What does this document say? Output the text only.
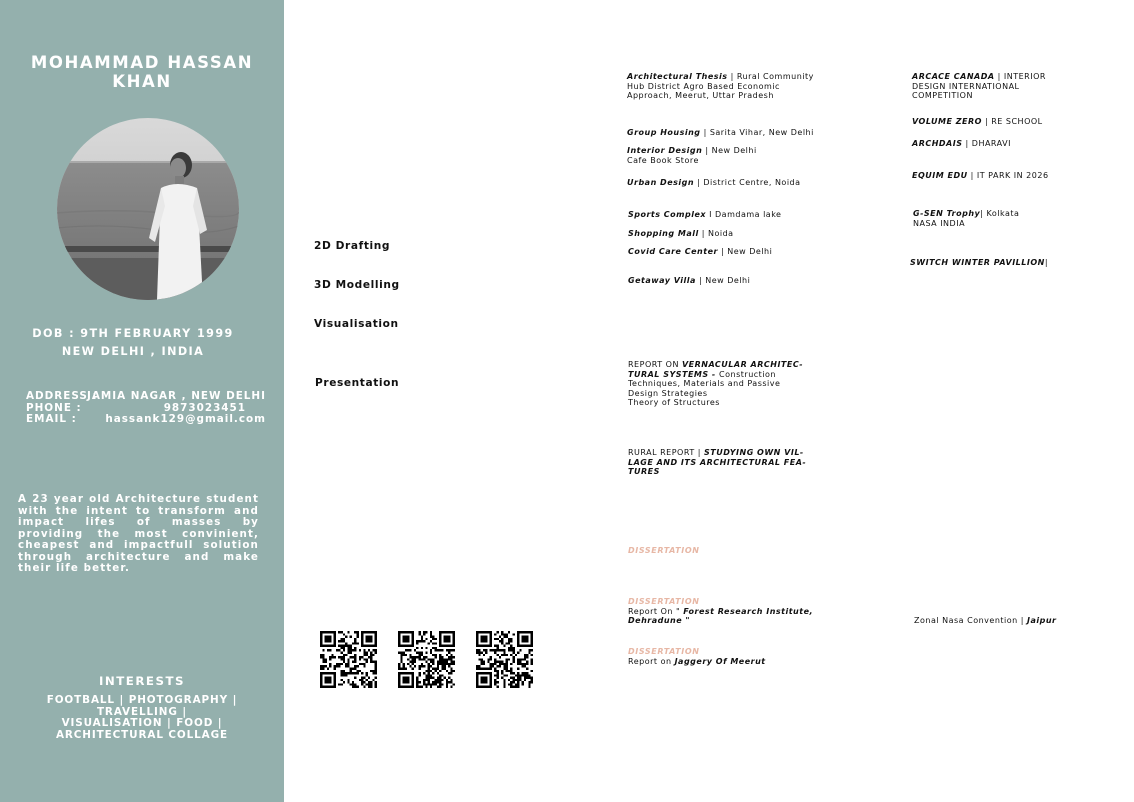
MOHAMMAD HASSAN KHAN
DOB : 9TH FEBRUARY 1999
NEW DELHI , INDIA
ADDRESS :
JAMIA NAGAR , NEW DELHI
PHONE :	9873023451
EMAIL :	hassank129@gmail.com
A 23 year old Architecture student with the intent to transform and impact lifes of masses by providing the most convinient, cheapest and impactfull solution through architecture and make their life better.
INTERESTS
FOOTBALL | PHOTOGRAPHY | TRAVELLING |
VISUALISATION | FOOD |
ARCHITECTURAL COLLAGE
2D Drafting
3D Modelling
Visualisation
Presentation
Architectural Thesis | Rural Community
Hub District Agro Based Economic
Approach, Meerut, Uttar Pradesh
Group Housing | Sarita Vihar, New Delhi
Interior Design | New Delhi
Cafe Book Store
Urban Design | District Centre, Noida
Sports Complex I Damdama lake
Shopping Mall | Noida
Covid Care Center | New Delhi
Getaway Villa | New Delhi
REPORT ON VERNACULAR ARCHITEC-
TURAL SYSTEMS - Construction
Techniques, Materials and Passive
Design Strategies
Theory of Structures
RURAL REPORT | STUDYING OWN VIL-
LAGE AND ITS ARCHITECTURAL FEA-
TURES
DISSERTATION
DISSERTATION
Report On " Forest Research Institute,
Dehradune "
DISSERTATION
Report on Jaggery Of Meerut
ARCACE CANADA | INTERIOR
DESIGN INTERNATIONAL
COMPETITION
VOLUME ZERO | RE SCHOOL
ARCHDAIS | DHARAVI
EQUIM EDU | IT PARK IN 2026
G-SEN Trophy| Kolkata
NASA INDIA
SWITCH WINTER PAVILLION|
Zonal Nasa Convention | Jaipur
